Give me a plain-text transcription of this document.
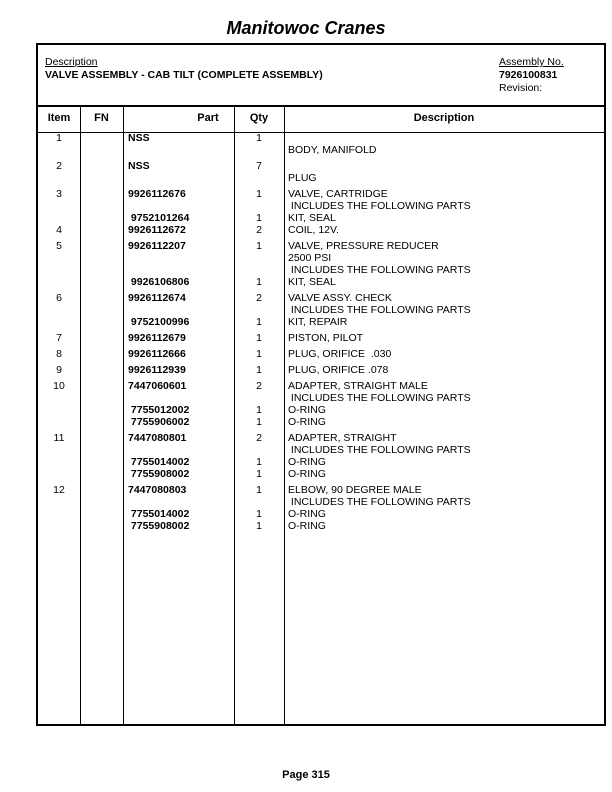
Manitowoc Cranes
Description
VALVE ASSEMBLY - CAB TILT (COMPLETE ASSEMBLY)
Assembly No.
7926100831
Revision:
Item	FN	Part	Qty	Description
1	NSS	1
BODY, MANIFOLD
2	NSS	7
PLUG
3	9926112676	1	VALVE, CARTRIDGE
INCLUDES THE FOLLOWING PARTS
9752101264	1	KIT, SEAL
4	9926112672	2	COIL, 12V.
5	9926112207	1	VALVE, PRESSURE REDUCER
2500 PSI
INCLUDES THE FOLLOWING PARTS
9926106806	1	KIT, SEAL
6	9926112674	2	VALVE ASSY. CHECK
INCLUDES THE FOLLOWING PARTS
9752100996	1	KIT, REPAIR
7	9926112679	1	PISTON, PILOT
8	9926112666	1	PLUG, ORIFICE  .030
9	9926112939	1	PLUG, ORIFICE .078
10	7447060601	2	ADAPTER, STRAIGHT MALE
INCLUDES THE FOLLOWING PARTS
7755012002	1	O-RING
7755906002	1	O-RING
11	7447080801	2	ADAPTER, STRAIGHT
INCLUDES THE FOLLOWING PARTS
7755014002	1	O-RING
7755908002	1	O-RING
12	7447080803	1	ELBOW, 90 DEGREE MALE
INCLUDES THE FOLLOWING PARTS
7755014002	1	O-RING
7755908002	1	O-RING
Page 315
